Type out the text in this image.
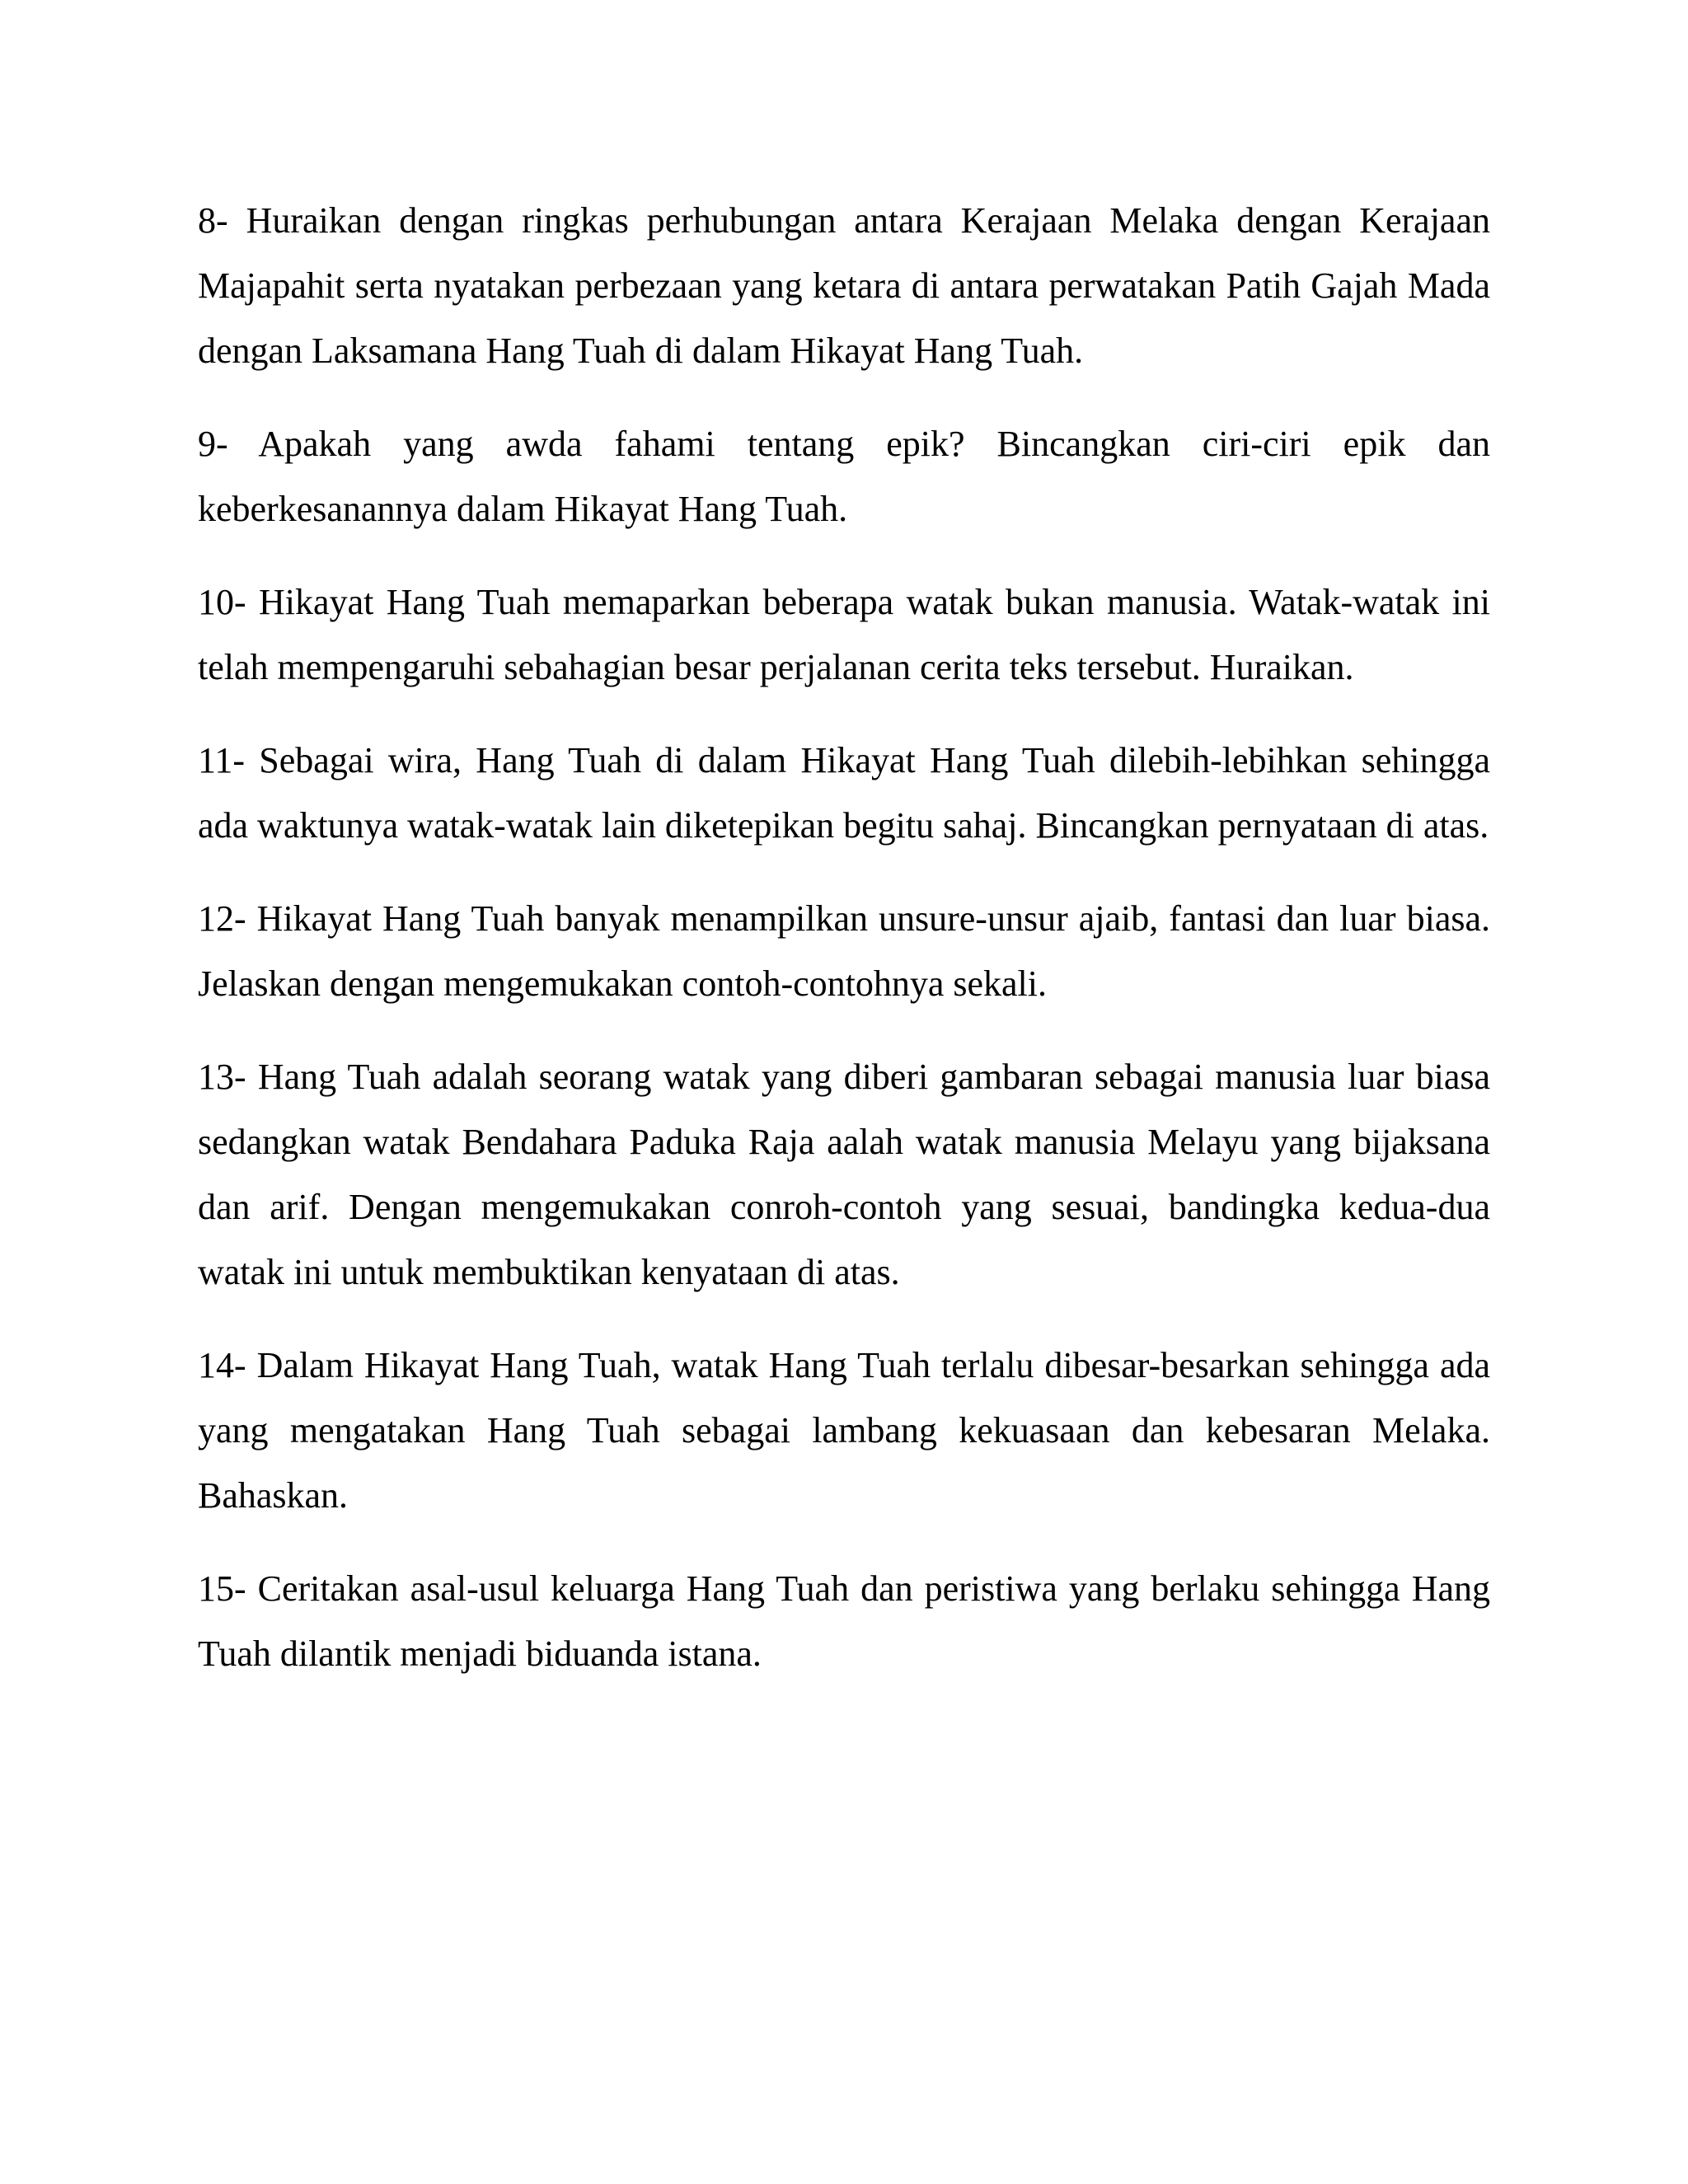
8- Huraikan dengan ringkas perhubungan antara Kerajaan Melaka dengan Kerajaan Majapahit serta nyatakan perbezaan yang ketara di antara perwatakan Patih Gajah Mada dengan Laksamana Hang Tuah di dalam Hikayat Hang Tuah.

9- Apakah yang awda fahami tentang epik? Bincangkan ciri-ciri epik dan keberkesanannya dalam Hikayat Hang Tuah.

10- Hikayat Hang Tuah memaparkan beberapa watak bukan manusia. Watak-watak ini telah mempengaruhi sebahagian besar perjalanan cerita teks tersebut. Huraikan.

11- Sebagai wira, Hang Tuah di dalam Hikayat Hang Tuah dilebih-lebihkan sehingga ada waktunya watak-watak lain diketepikan begitu sahaj. Bincangkan pernyataan di atas.

12- Hikayat Hang Tuah banyak menampilkan unsure-unsur ajaib, fantasi dan luar biasa. Jelaskan dengan mengemukakan contoh-contohnya sekali.

13- Hang Tuah adalah seorang watak yang diberi gambaran sebagai manusia luar biasa sedangkan watak Bendahara Paduka Raja aalah watak manusia Melayu yang bijaksana dan arif. Dengan mengemukakan conroh-contoh yang sesuai, bandingka kedua-dua watak ini untuk membuktikan kenyataan di atas.

14- Dalam Hikayat Hang Tuah, watak Hang Tuah terlalu dibesar-besarkan sehingga ada yang mengatakan Hang Tuah sebagai lambang kekuasaan dan kebesaran Melaka. Bahaskan.

15- Ceritakan asal-usul keluarga Hang Tuah dan peristiwa yang berlaku sehingga Hang Tuah dilantik menjadi biduanda istana.
